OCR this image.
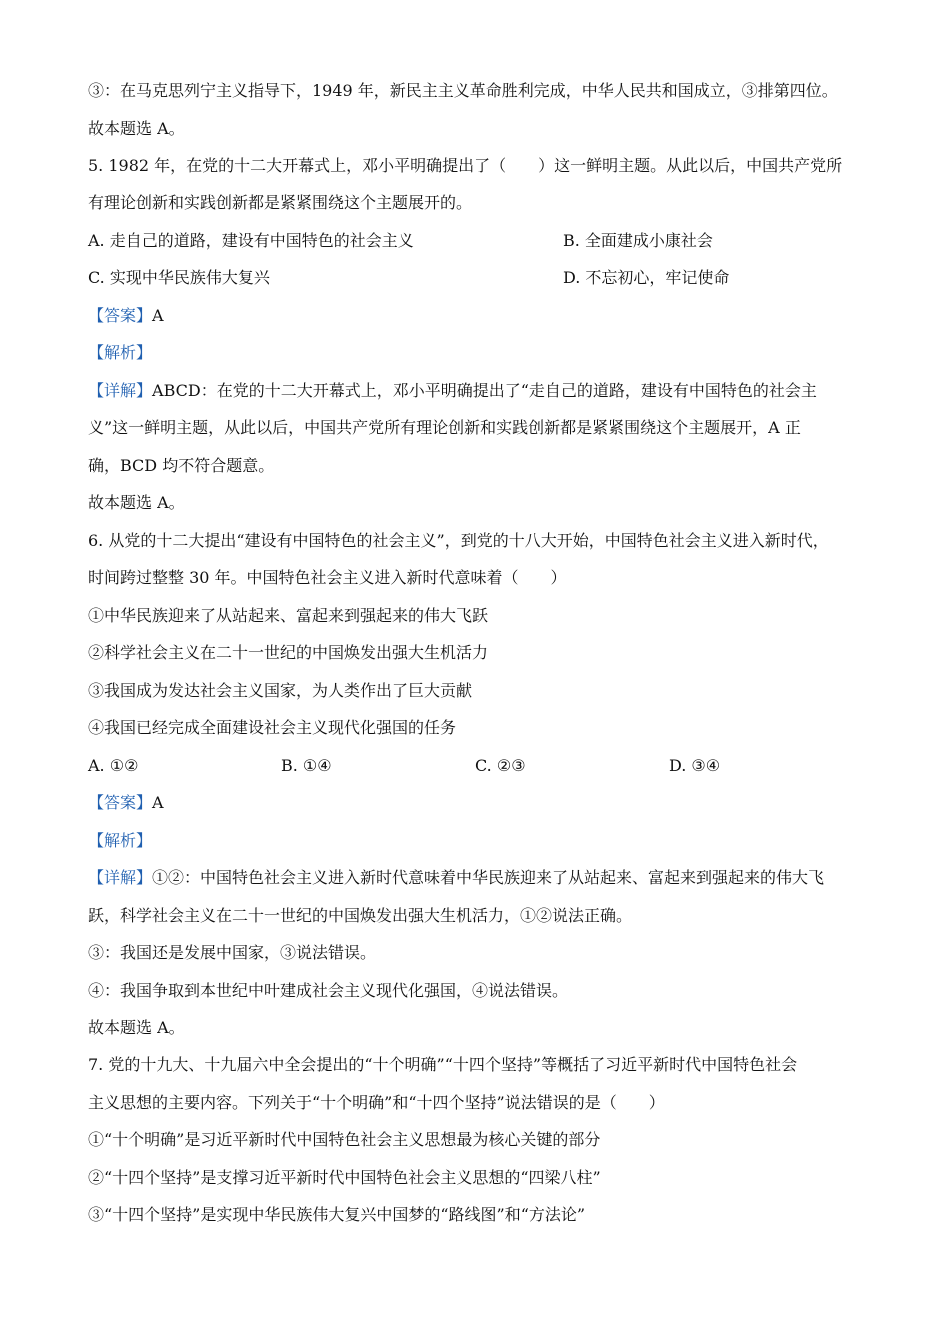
③：在马克思列宁主义指导下，1949 年，新民主主义革命胜利完成，中华人民共和国成立，③排第四位。
故本题选 A。
5. 1982 年，在党的十二大开幕式上，邓小平明确提出了（　　）这一鲜明主题。从此以后，中国共产党所
有理论创新和实践创新都是紧紧围绕这个主题展开的。
A. 走自己的道路，建设有中国特色的社会主义	B. 全面建成小康社会
C. 实现中华民族伟大复兴	D. 不忘初心，牢记使命
【答案】A
【解析】
【详解】ABCD：在党的十二大开幕式上，邓小平明确提出了“走自己的道路，建设有中国特色的社会主
义”这一鲜明主题，从此以后，中国共产党所有理论创新和实践创新都是紧紧围绕这个主题展开，A 正
确，BCD 均不符合题意。
故本题选 A。
6. 从党的十二大提出“建设有中国特色的社会主义”，到党的十八大开始，中国特色社会主义进入新时代，
时间跨过整整 30 年。中国特色社会主义进入新时代意味着（　　）
①中华民族迎来了从站起来、富起来到强起来的伟大飞跃
②科学社会主义在二十一世纪的中国焕发出强大生机活力
③我国成为发达社会主义国家，为人类作出了巨大贡献
④我国已经完成全面建设社会主义现代化强国的任务
A. ①②	B. ①④	C. ②③	D. ③④
【答案】A
【解析】
【详解】①②：中国特色社会主义进入新时代意味着中华民族迎来了从站起来、富起来到强起来的伟大飞
跃，科学社会主义在二十一世纪的中国焕发出强大生机活力，①②说法正确。
③：我国还是发展中国家，③说法错误。
④：我国争取到本世纪中叶建成社会主义现代化强国，④说法错误。
故本题选 A。
7. 党的十九大、十九届六中全会提出的“十个明确”“十四个坚持”等概括了习近平新时代中国特色社会
主义思想的主要内容。下列关于“十个明确”和“十四个坚持”说法错误的是（　　）
①“十个明确”是习近平新时代中国特色社会主义思想最为核心关键的部分
②“十四个坚持”是支撑习近平新时代中国特色社会主义思想的“四梁八柱”
③“十四个坚持”是实现中华民族伟大复兴中国梦的“路线图”和“方法论”
